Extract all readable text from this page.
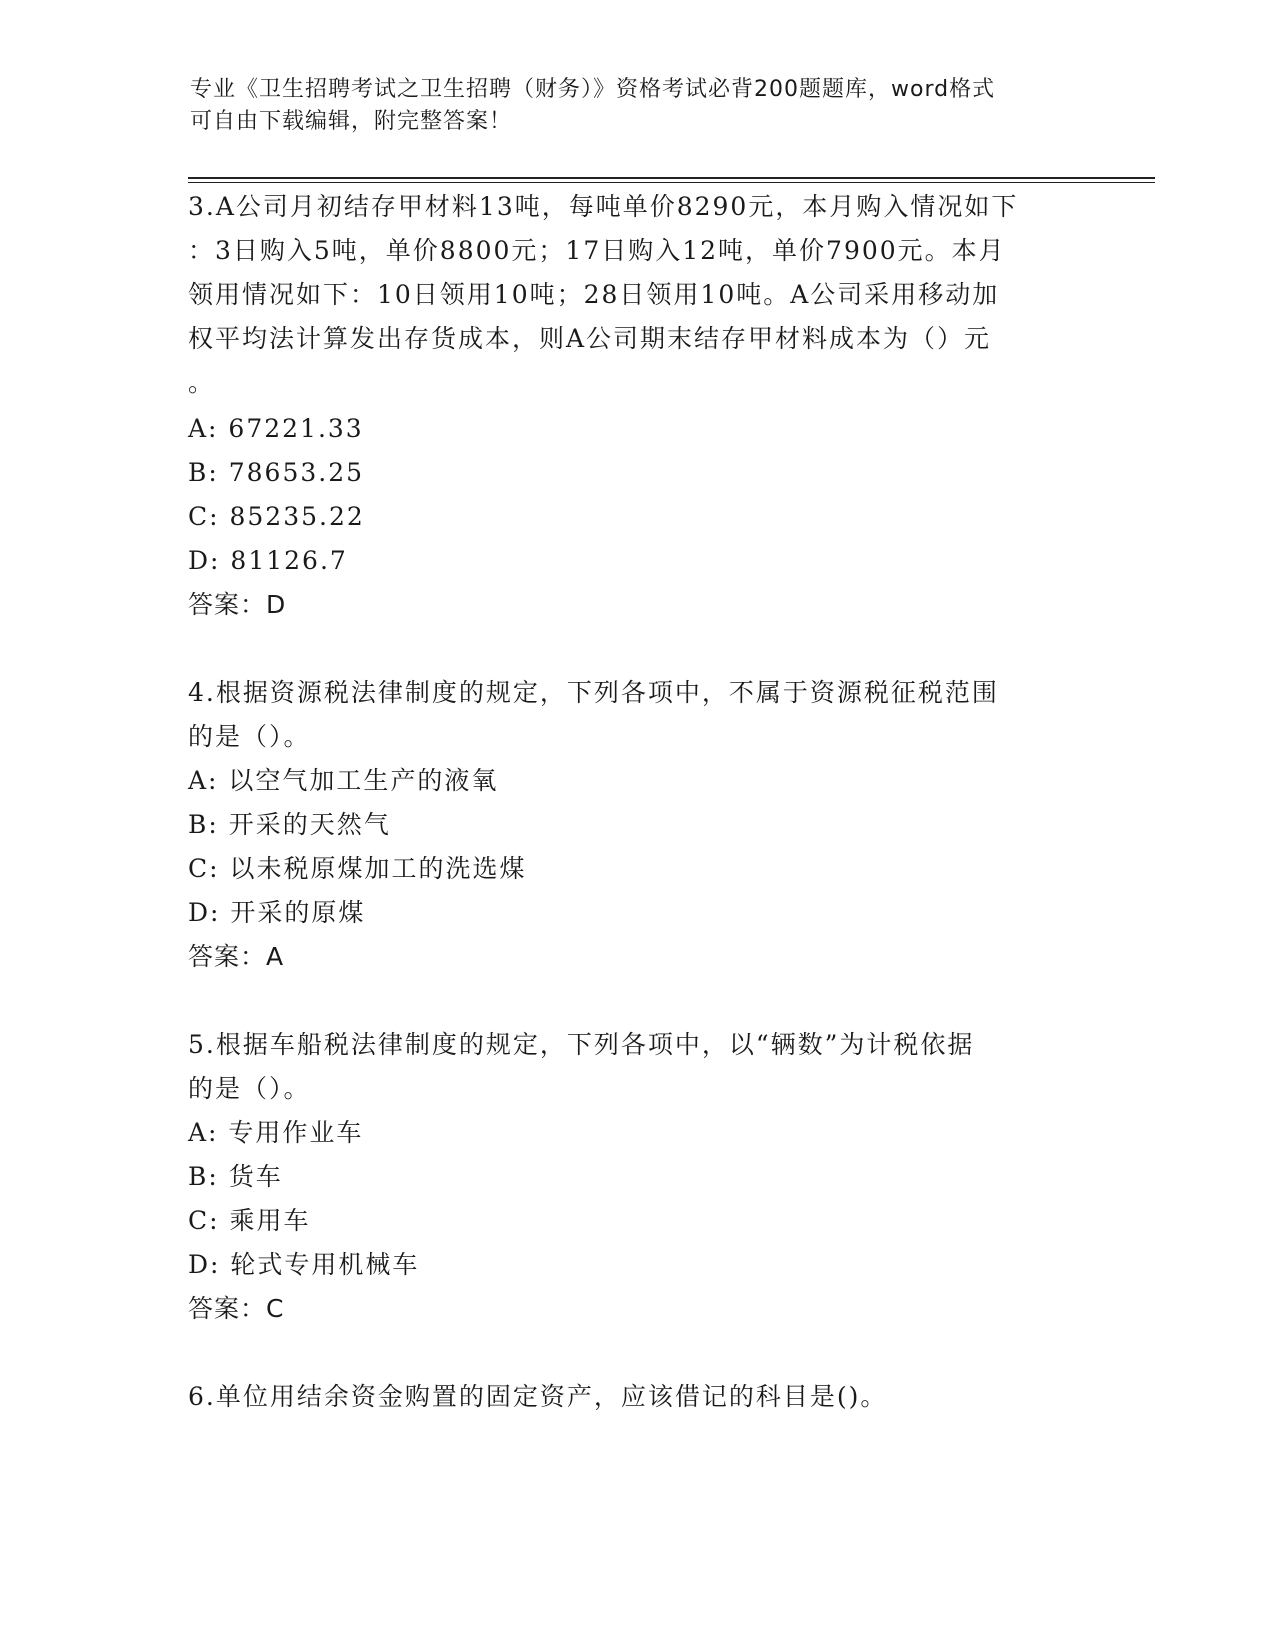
专业《卫生招聘考试之卫生招聘（财务）》资格考试必背200题题库，word格式
可自由下载编辑，附完整答案！
3.A公司月初结存甲材料13吨，每吨单价8290元，本月购入情况如下
：3日购入5吨，单价8800元；17日购入12吨，单价7900元。本月
领用情况如下：10日领用10吨；28日领用10吨。A公司采用移动加
权平均法计算发出存货成本，则A公司期末结存甲材料成本为（）元
。
A: 67221.33
B: 78653.25
C: 85235.22
D: 81126.7
答案：D
4.根据资源税法律制度的规定，下列各项中，不属于资源税征税范围
的是（）。
A: 以空气加工生产的液氧
B: 开采的天然气
C: 以未税原煤加工的洗选煤
D: 开采的原煤
答案：A
5.根据车船税法律制度的规定，下列各项中，以“辆数”为计税依据
的是（）。
A: 专用作业车
B: 货车
C: 乘用车
D: 轮式专用机械车
答案：C
6.单位用结余资金购置的固定资产，应该借记的科目是()。
